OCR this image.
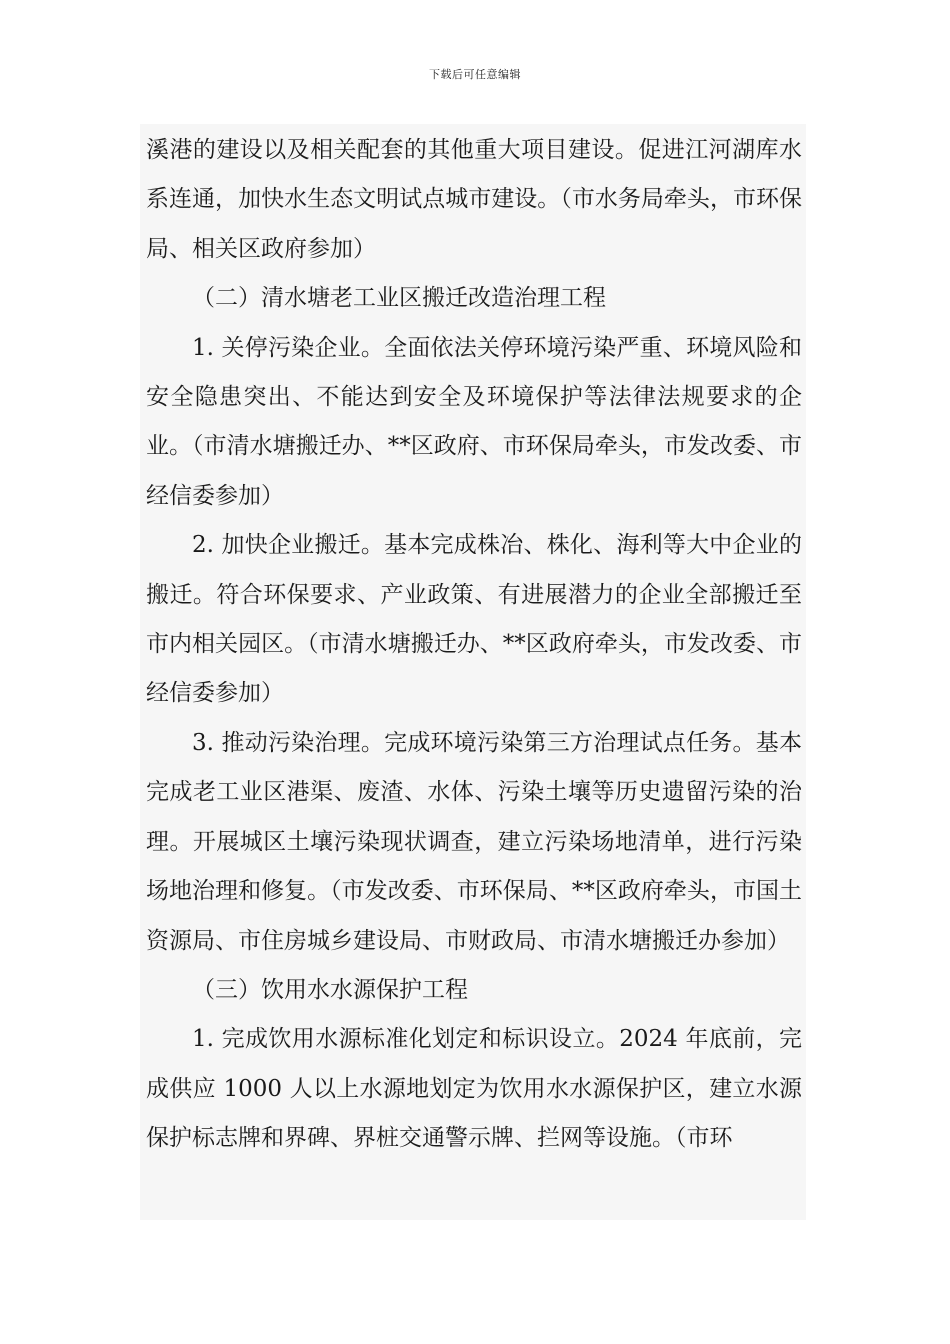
下载后可任意编辑

溪港的建设以及相关配套的其他重大项目建设。促进江河湖库水系连通，加快水生态文明试点城市建设。（市水务局牵头，市环保局、相关区政府参加）

（二）清水塘老工业区搬迁改造治理工程

1. 关停污染企业。全面依法关停环境污染严重、环境风险和安全隐患突出、不能达到安全及环境保护等法律法规要求的企业。（市清水塘搬迁办、**区政府、市环保局牵头，市发改委、市经信委参加）

2. 加快企业搬迁。基本完成株冶、株化、海利等大中企业的搬迁。符合环保要求、产业政策、有进展潜力的企业全部搬迁至市内相关园区。（市清水塘搬迁办、**区政府牵头，市发改委、市经信委参加）

3. 推动污染治理。完成环境污染第三方治理试点任务。基本完成老工业区港渠、废渣、水体、污染土壤等历史遗留污染的治理。开展城区土壤污染现状调查，建立污染场地清单，进行污染场地治理和修复。（市发改委、市环保局、**区政府牵头，市国土资源局、市住房城乡建设局、市财政局、市清水塘搬迁办参加）

（三）饮用水水源保护工程

1. 完成饮用水源标准化划定和标识设立。2024 年底前，完成供应 1000 人以上水源地划定为饮用水水源保护区，建立水源保护标志牌和界碑、界桩交通警示牌、拦网等设施。（市环
